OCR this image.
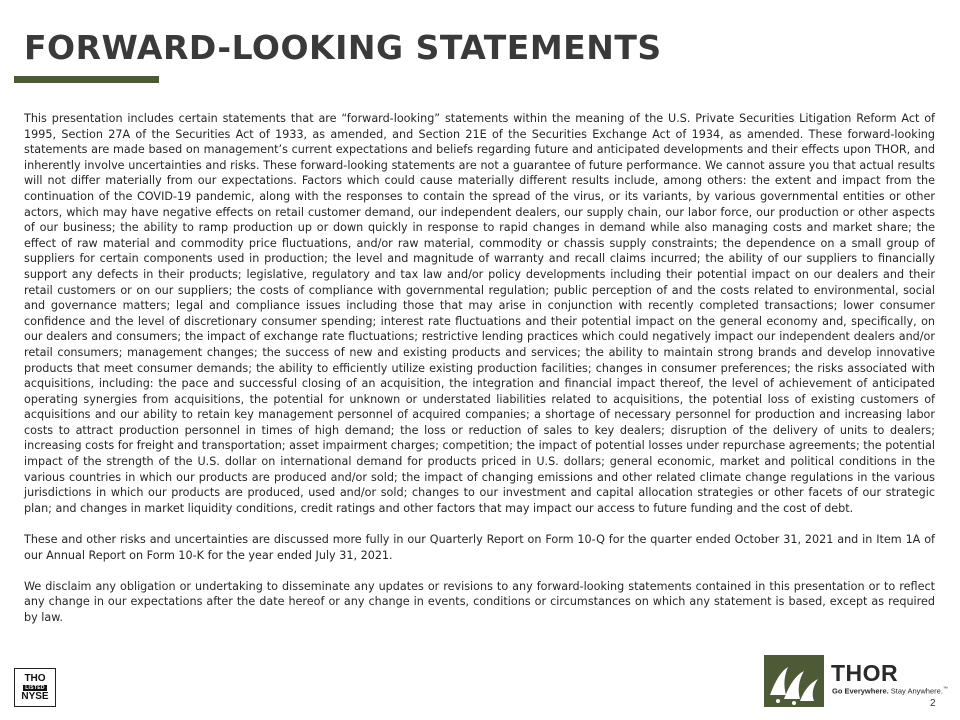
FORWARD-LOOKING STATEMENTS

This presentation includes certain statements that are “forward-looking” statements within the meaning of the U.S. Private Securities Litigation Reform Act of 1995, Section 27A of the Securities Act of 1933, as amended, and Section 21E of the Securities Exchange Act of 1934, as amended. These forward-looking statements are made based on management’s current expectations and beliefs regarding future and anticipated developments and their effects upon THOR, and inherently involve uncertainties and risks. These forward-looking statements are not a guarantee of future performance. We cannot assure you that actual results will not differ materially from our expectations. Factors which could cause materially different results include, among others: the extent and impact from the continuation of the COVID-19 pandemic, along with the responses to contain the spread of the virus, or its variants, by various governmental entities or other actors, which may have negative effects on retail customer demand, our independent dealers, our supply chain, our labor force, our production or other aspects of our business; the ability to ramp production up or down quickly in response to rapid changes in demand while also managing costs and market share; the effect of raw material and commodity price fluctuations, and/or raw material, commodity or chassis supply constraints; the dependence on a small group of suppliers for certain components used in production; the level and magnitude of warranty and recall claims incurred; the ability of our suppliers to financially support any defects in their products; legislative, regulatory and tax law and/or policy developments including their potential impact on our dealers and their retail customers or on our suppliers; the costs of compliance with governmental regulation; public perception of and the costs related to environmental, social and governance matters; legal and compliance issues including those that may arise in conjunction with recently completed transactions; lower consumer confidence and the level of discretionary consumer spending; interest rate fluctuations and their potential impact on the general economy and, specifically, on our dealers and consumers; the impact of exchange rate fluctuations; restrictive lending practices which could negatively impact our independent dealers and/or retail consumers; management changes; the success of new and existing products and services; the ability to maintain strong brands and develop innovative products that meet consumer demands; the ability to efficiently utilize existing production facilities; changes in consumer preferences; the risks associated with acquisitions, including: the pace and successful closing of an acquisition, the integration and financial impact thereof, the level of achievement of anticipated operating synergies from acquisitions, the potential for unknown or understated liabilities related to acquisitions, the potential loss of existing customers of acquisitions and our ability to retain key management personnel of acquired companies; a shortage of necessary personnel for production and increasing labor costs to attract production personnel in times of high demand; the loss or reduction of sales to key dealers; disruption of the delivery of units to dealers; increasing costs for freight and transportation; asset impairment charges; competition; the impact of potential losses under repurchase agreements; the potential impact of the strength of the U.S. dollar on international demand for products priced in U.S. dollars; general economic, market and political conditions in the various countries in which our products are produced and/or sold; the impact of changing emissions and other related climate change regulations in the various jurisdictions in which our products are produced, used and/or sold; changes to our investment and capital allocation strategies or other facets of our strategic plan; and changes in market liquidity conditions, credit ratings and other factors that may impact our access to future funding and the cost of debt.

These and other risks and uncertainties are discussed more fully in our Quarterly Report on Form 10-Q for the quarter ended October 31, 2021 and in Item 1A of our Annual Report on Form 10-K for the year ended July 31, 2021.

We disclaim any obligation or undertaking to disseminate any updates or revisions to any forward-looking statements contained in this presentation or to reflect any change in our expectations after the date hereof or any change in events, conditions or circumstances on which any statement is based, except as required by law.

THO
LISTED
NYSE
THOR
Go Everywhere. Stay Anywhere.™
2
